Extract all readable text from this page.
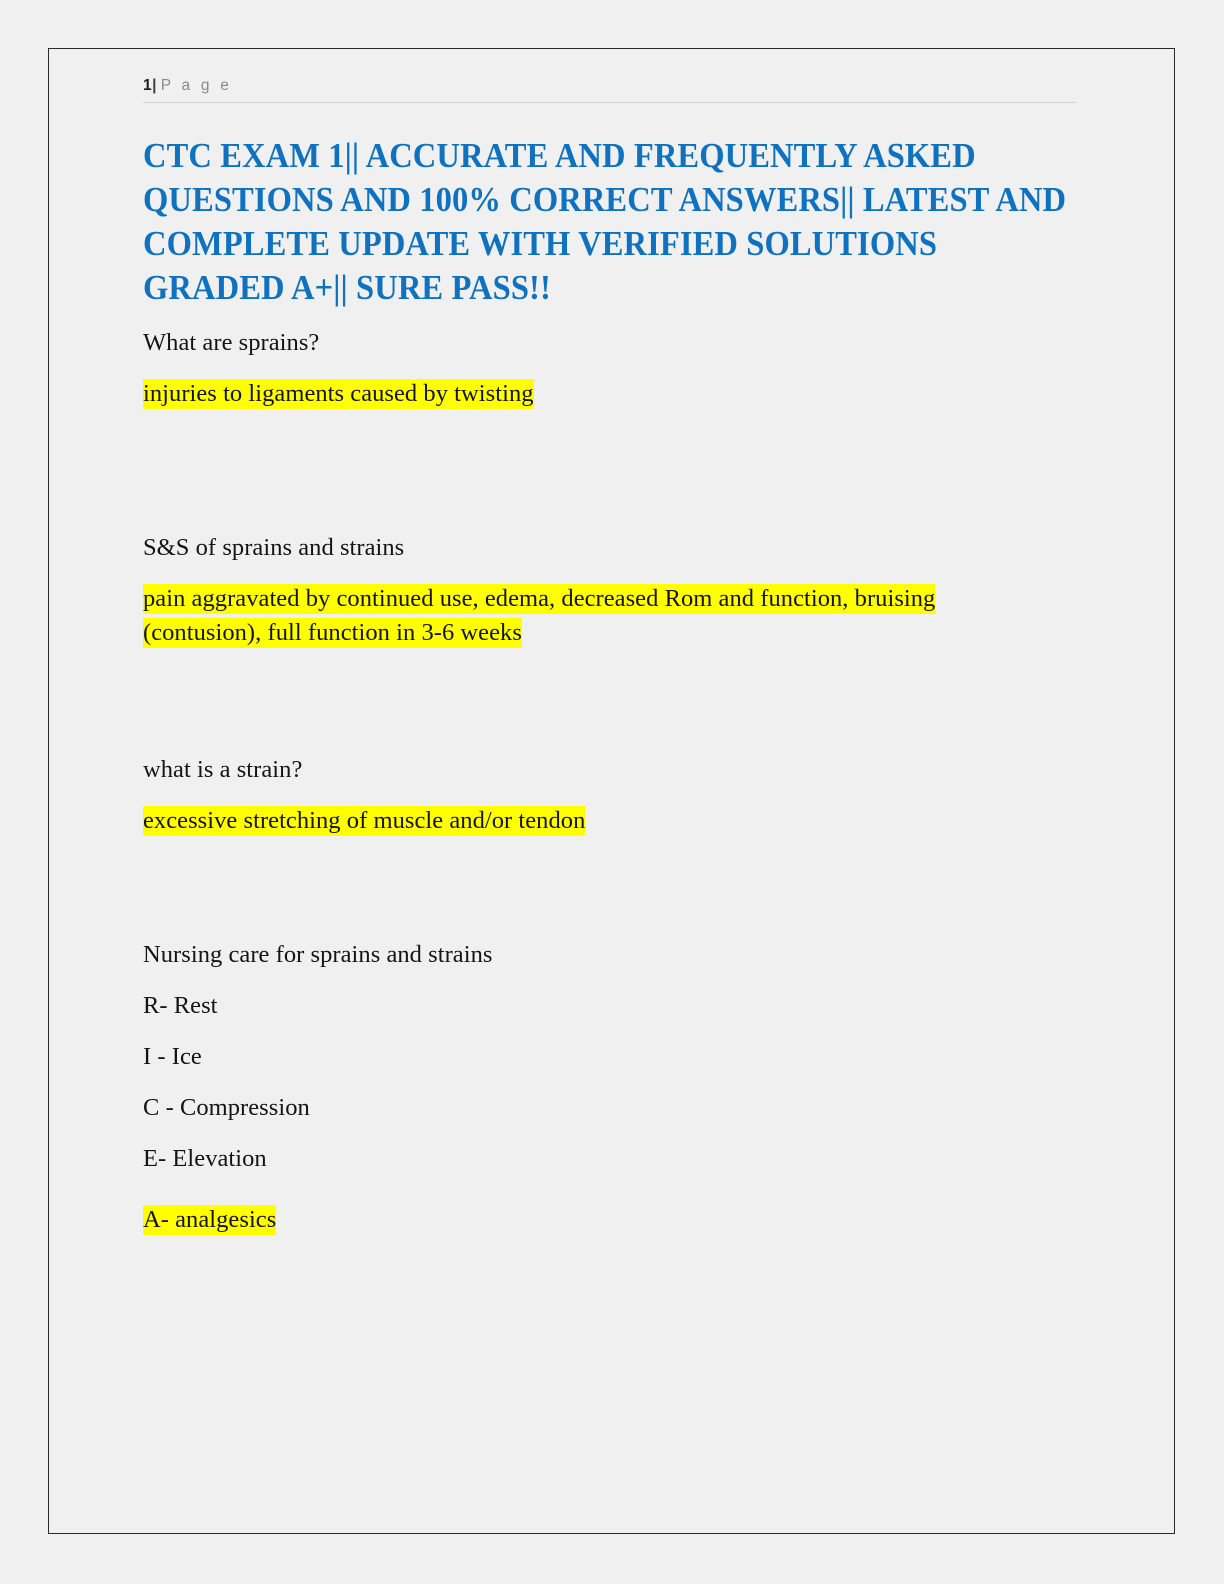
1| P a g e

CTC EXAM 1|| ACCURATE AND FREQUENTLY ASKED QUESTIONS AND 100% CORRECT ANSWERS|| LATEST AND COMPLETE UPDATE WITH VERIFIED SOLUTIONS GRADED A+|| SURE PASS!!

What are sprains?

injuries to ligaments caused by twisting

S&S of sprains and strains

pain aggravated by continued use, edema, decreased Rom and function, bruising (contusion), full function in 3-6 weeks

what is a strain?

excessive stretching of muscle and/or tendon

Nursing care for sprains and strains

R- Rest

I - Ice

C - Compression

E- Elevation

A- analgesics
